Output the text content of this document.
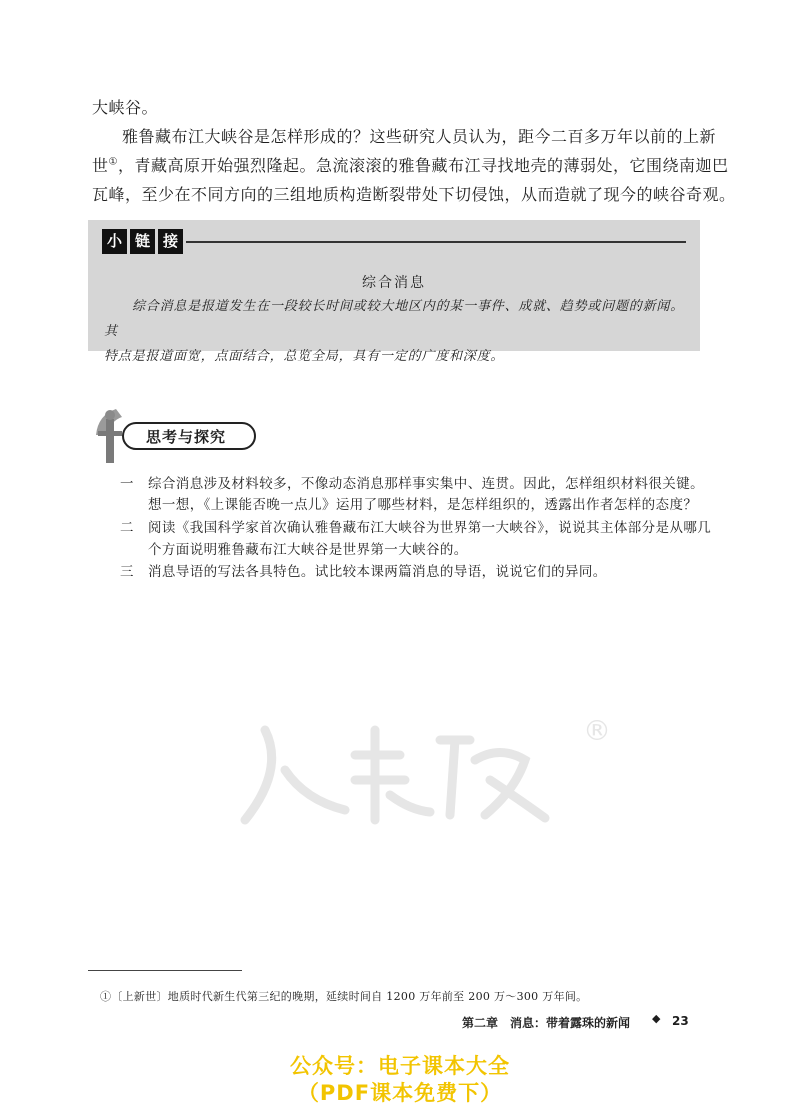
大峡谷。
雅鲁藏布江大峡谷是怎样形成的？这些研究人员认为，距今二百多万年以前的上新
世①，青藏高原开始强烈隆起。急流滚滚的雅鲁藏布江寻找地壳的薄弱处，它围绕南迦巴
瓦峰，至少在不同方向的三组地质构造断裂带处下切侵蚀，从而造就了现今的峡谷奇观。
小 链 接
综合消息
综合消息是报道发生在一段较长时间或较大地区内的某一事件、成就、趋势或问题的新闻。其
特点是报道面宽，点面结合，总览全局，具有一定的广度和深度。
思考与探究
一 综合消息涉及材料较多，不像动态消息那样事实集中、连贯。因此，怎样组织材料很关键。
想一想，《上课能否晚一点儿》运用了哪些材料，是怎样组织的，透露出作者怎样的态度？
二 阅读《我国科学家首次确认雅鲁藏布江大峡谷为世界第一大峡谷》，说说其主体部分是从哪几
个方面说明雅鲁藏布江大峡谷是世界第一大峡谷的。
三 消息导语的写法各具特色。试比较本课两篇消息的导语，说说它们的异同。
®
①〔上新世〕地质时代新生代第三纪的晚期，延续时间自 1200 万年前至 200 万～300 万年间。
第二章　消息：带着露珠的新闻 ◆ 23
公众号：电子课本大全
（PDF课本免费下）
